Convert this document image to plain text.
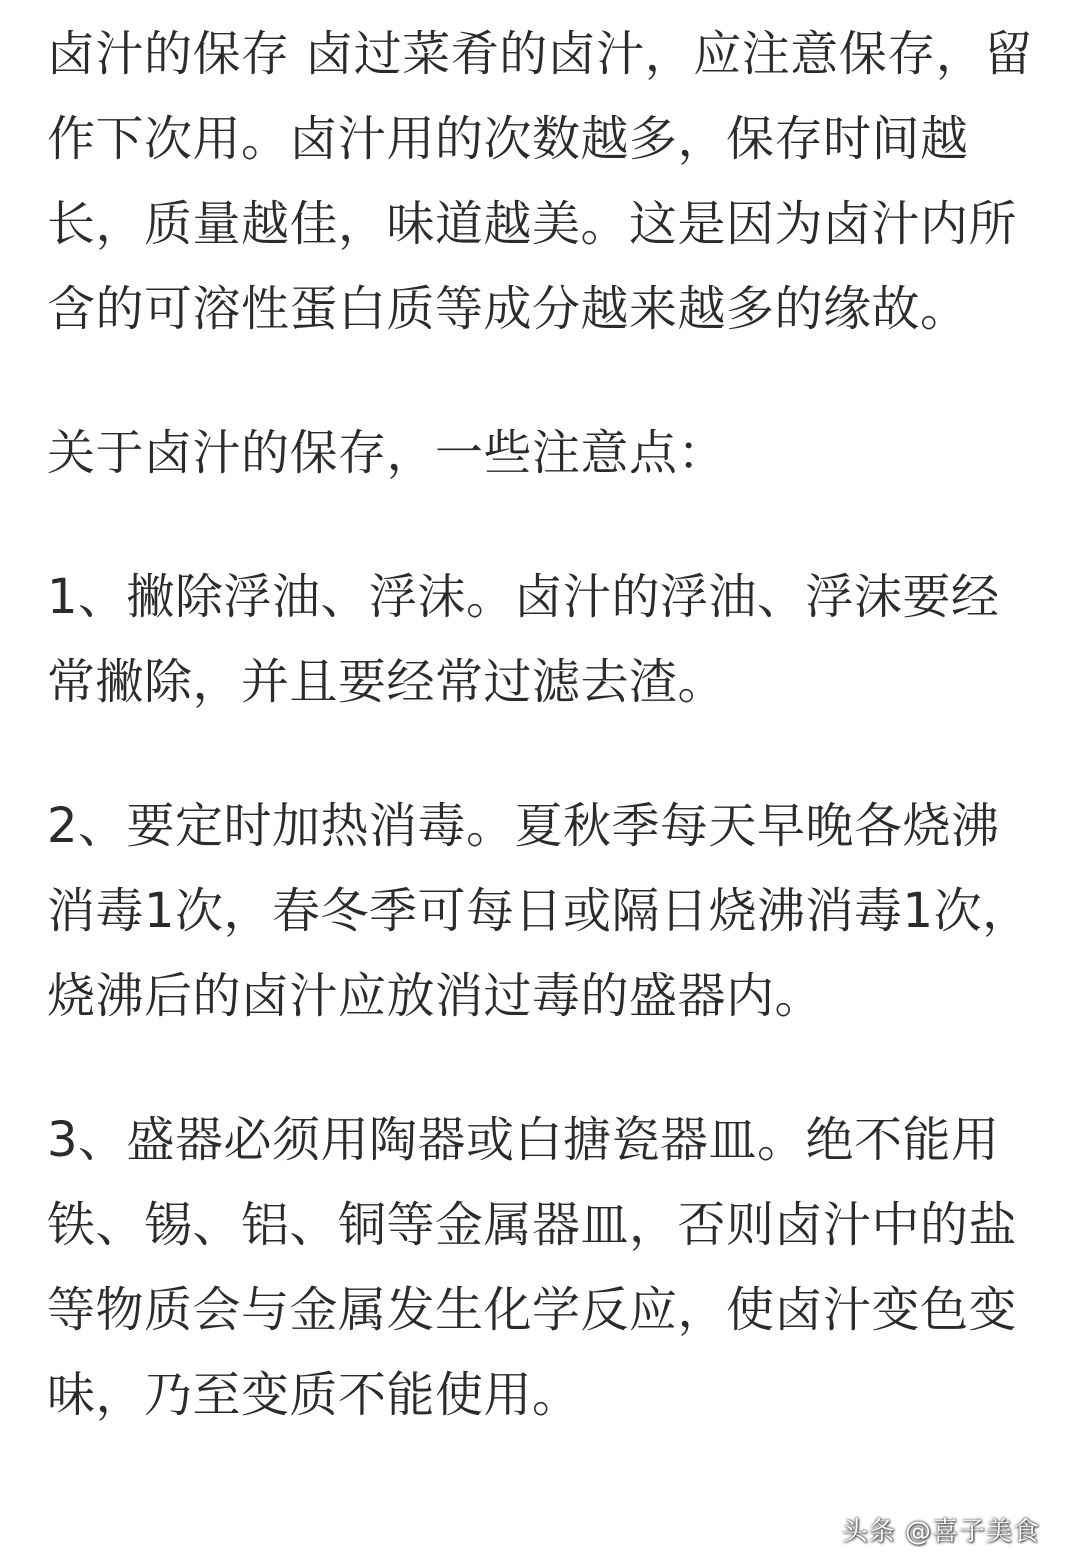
卤汁的保存 卤过菜肴的卤汁，应注意保存，留作下次用。卤汁用的次数越多，保存时间越长，质量越佳，味道越美。这是因为卤汁内所含的可溶性蛋白质等成分越来越多的缘故。

关于卤汁的保存，一些注意点：

1、撇除浮油、浮沫。卤汁的浮油、浮沫要经常撇除，并且要经常过滤去渣。

2、要定时加热消毒。夏秋季每天早晚各烧沸消毒1次，春冬季可每日或隔日烧沸消毒1次，烧沸后的卤汁应放消过毒的盛器内。

3、盛器必须用陶器或白搪瓷器皿。绝不能用铁、锡、铝、铜等金属器皿，否则卤汁中的盐等物质会与金属发生化学反应，使卤汁变色变味，乃至变质不能使用。

头条 @喜子美食
